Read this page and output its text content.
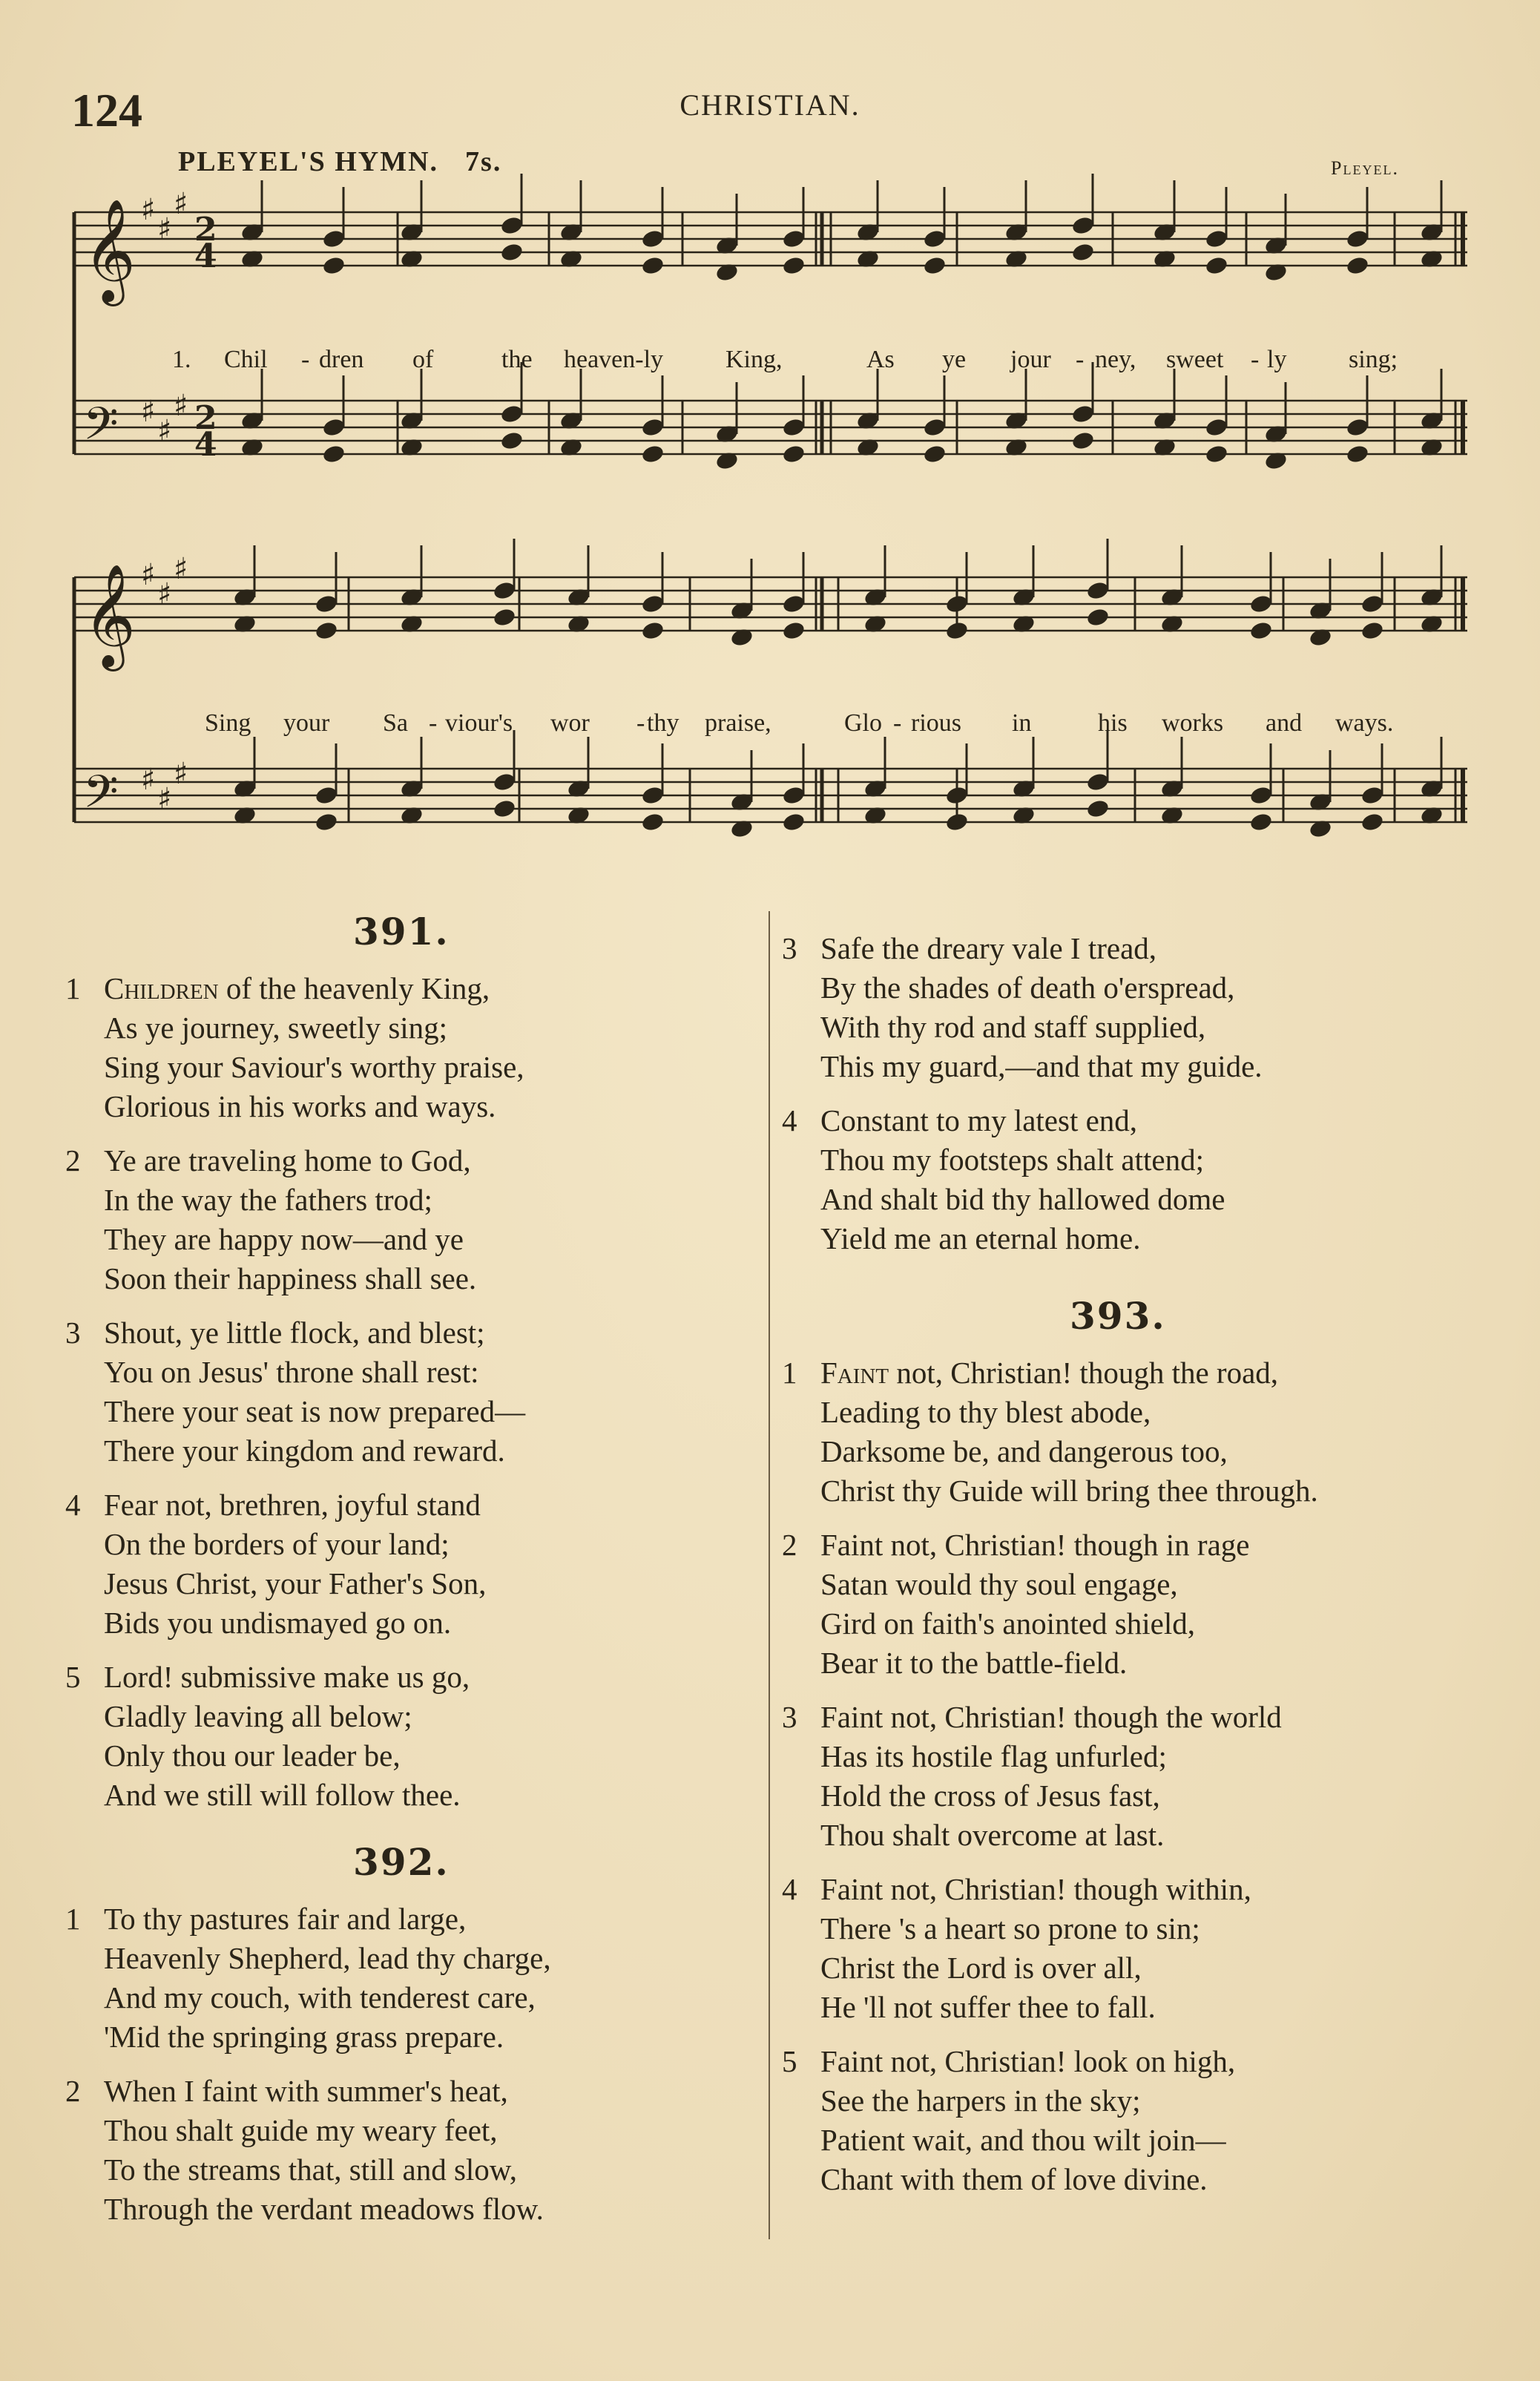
124	CHRISTIAN.
PLEYEL'S HYMN. 7s.	Pleyel.
𝄞 ♯
♯
♯
2
4
𝄢 ♯
♯
♯ 2
4
𝄞 ♯
♯
♯
𝄢 ♯
♯
♯
1. Chil - dren of	the heaven-ly King,	As ye jour - ney, sweet - ly sing;
Sing your Sa - viour's wor - thy praise,	Glo - rious in	his works and ways.
391.
1 Children of the heavenly King,
As ye journey, sweetly sing;
Sing your Saviour's worthy praise,
Glorious in his works and ways.
2 Ye are traveling home to God,
In the way the fathers trod;
They are happy now—and ye
Soon their happiness shall see.
3 Shout, ye little flock, and blest;
You on Jesus' throne shall rest:
There your seat is now prepared—
There your kingdom and reward.
4 Fear not, brethren, joyful stand
On the borders of your land;
Jesus Christ, your Father's Son,
Bids you undismayed go on.
5 Lord! submissive make us go,
Gladly leaving all below;
Only thou our leader be,
And we still will follow thee.
392.
1 To thy pastures fair and large,
Heavenly Shepherd, lead thy charge,
And my couch, with tenderest care,
'Mid the springing grass prepare.
2 When I faint with summer's heat,
Thou shalt guide my weary feet,
To the streams that, still and slow,
Through the verdant meadows flow.
3 Safe the dreary vale I tread,
By the shades of death o'erspread,
With thy rod and staff supplied,
This my guard,—and that my guide.
4 Constant to my latest end,
Thou my footsteps shalt attend;
And shalt bid thy hallowed dome
Yield me an eternal home.
393.
1 Faint not, Christian! though the road,
Leading to thy blest abode,
Darksome be, and dangerous too,
Christ thy Guide will bring thee through.
2 Faint not, Christian! though in rage
Satan would thy soul engage,
Gird on faith's anointed shield,
Bear it to the battle-field.
3 Faint not, Christian! though the world
Has its hostile flag unfurled;
Hold the cross of Jesus fast,
Thou shalt overcome at last.
4 Faint not, Christian! though within,
There 's a heart so prone to sin;
Christ the Lord is over all,
He 'll not suffer thee to fall.
5 Faint not, Christian! look on high,
See the harpers in the sky;
Patient wait, and thou wilt join—
Chant with them of love divine.
